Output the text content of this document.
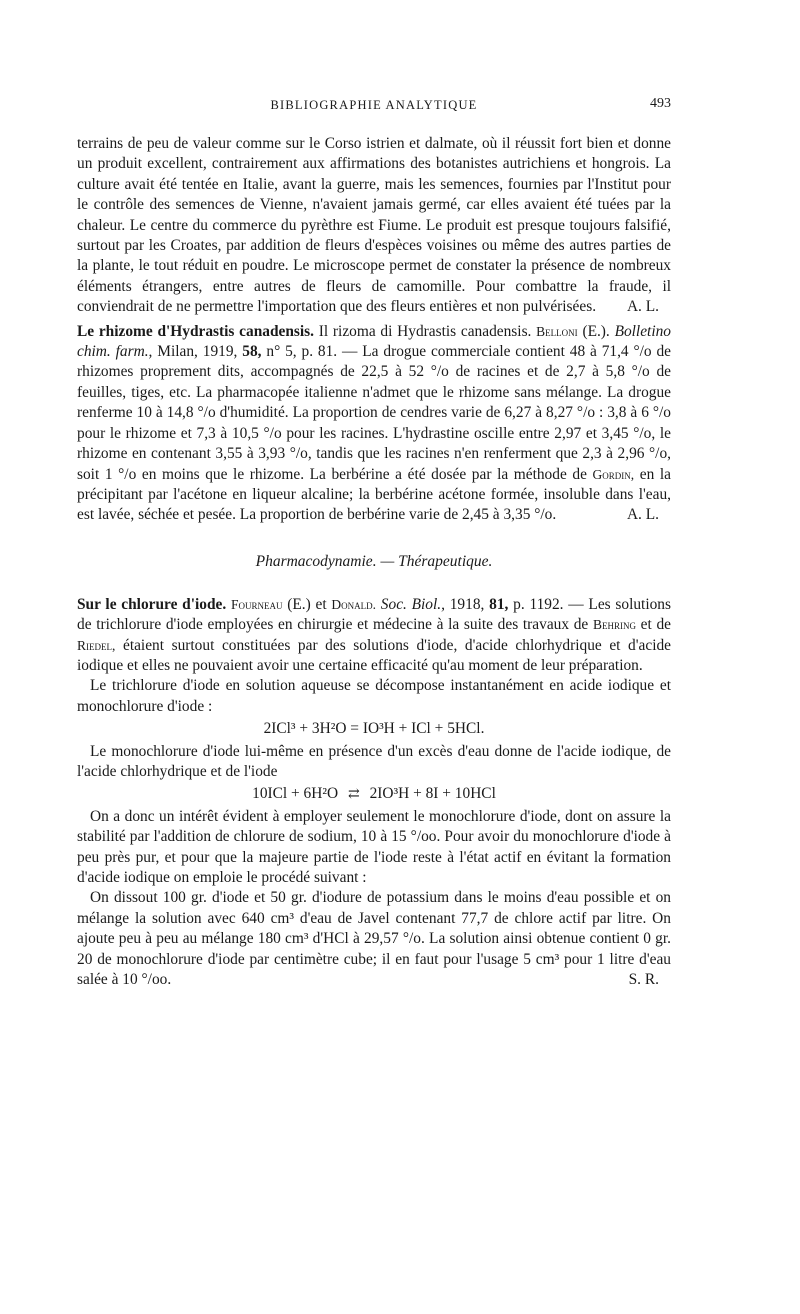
BIBLIOGRAPHIE ANALYTIQUE	493

terrains de peu de valeur comme sur le Corso istrien et dalmate, où il réussit fort bien et donne un produit excellent, contrairement aux affirmations des botanistes autrichiens et hongrois. La culture avait été tentée en Italie, avant la guerre, mais les semences, fournies par l'Institut pour le contrôle des semences de Vienne, n'avaient jamais germé, car elles avaient été tuées par la chaleur. Le centre du commerce du pyrèthre est Fiume. Le produit est presque toujours falsifié, surtout par les Croates, par addition de fleurs d'espèces voisines ou même des autres parties de la plante, le tout réduit en poudre. Le microscope permet de constater la présence de nombreux éléments étrangers, entre autres de fleurs de camomille. Pour combattre la fraude, il conviendrait de ne permettre l'importation que des fleurs entières et non pulvérisées. A. L.

Le rhizome d'Hydrastis canadensis. Il rizoma di Hydrastis canadensis. Belloni (E.). Bolletino chim. farm., Milan, 1919, 58, n° 5, p. 81. — La drogue commerciale contient 48 à 71,4 °/o de rhizomes proprement dits, accompagnés de 22,5 à 52 °/o de racines et de 2,7 à 5,8 °/o de feuilles, tiges, etc. La pharmacopée italienne n'admet que le rhizome sans mélange. La drogue renferme 10 à 14,8 °/o d'humidité. La proportion de cendres varie de 6,27 à 8,27 °/o : 3,8 à 6 °/o pour le rhizome et 7,3 à 10,5 °/o pour les racines. L'hydrastine oscille entre 2,97 et 3,45 °/o, le rhizome en contenant 3,55 à 3,93 °/o, tandis que les racines n'en renferment que 2,3 à 2,96 °/o, soit 1 °/o en moins que le rhizome. La berbérine a été dosée par la méthode de Gordin, en la précipitant par l'acétone en liqueur alcaline; la berbérine acétone formée, insoluble dans l'eau, est lavée, séchée et pesée. La proportion de berbérine varie de 2,45 à 3,35 °/o.	A. L.

Pharmacodynamie. — Thérapeutique.

Sur le chlorure d'iode. Fourneau (E.) et Donald. Soc. Biol., 1918, 81, p. 1192. — Les solutions de trichlorure d'iode employées en chirurgie et médecine à la suite des travaux de Behring et de Riedel, étaient surtout constituées par des solutions d'iode, d'acide chlorhydrique et d'acide iodique et elles ne pouvaient avoir une certaine efficacité qu'au moment de leur préparation.

Le trichlorure d'iode en solution aqueuse se décompose instantanément en acide iodique et monochlorure d'iode :

2ICl³ + 3H²O = IO³H + ICl + 5HCl.

Le monochlorure d'iode lui-même en présence d'un excès d'eau donne de l'acide iodique, de l'acide chlorhydrique et de l'iode

10ICl + 6H²O ⇄ 2IO³H + 8I + 10HCl

On a donc un intérêt évident à employer seulement le monochlorure d'iode, dont on assure la stabilité par l'addition de chlorure de sodium, 10 à 15 °/oo. Pour avoir du monochlorure d'iode à peu près pur, et pour que la majeure partie de l'iode reste à l'état actif en évitant la formation d'acide iodique on emploie le procédé suivant :

On dissout 100 gr. d'iode et 50 gr. d'iodure de potassium dans le moins d'eau possible et on mélange la solution avec 640 cm³ d'eau de Javel contenant 77,7 de chlore actif par litre. On ajoute peu à peu au mélange 180 cm³ d'HCl à 29,57 °/o. La solution ainsi obtenue contient 0 gr. 20 de monochlorure d'iode par centimètre cube; il en faut pour l'usage 5 cm³ pour 1 litre d'eau salée à 10 °/oo.	S. R.
